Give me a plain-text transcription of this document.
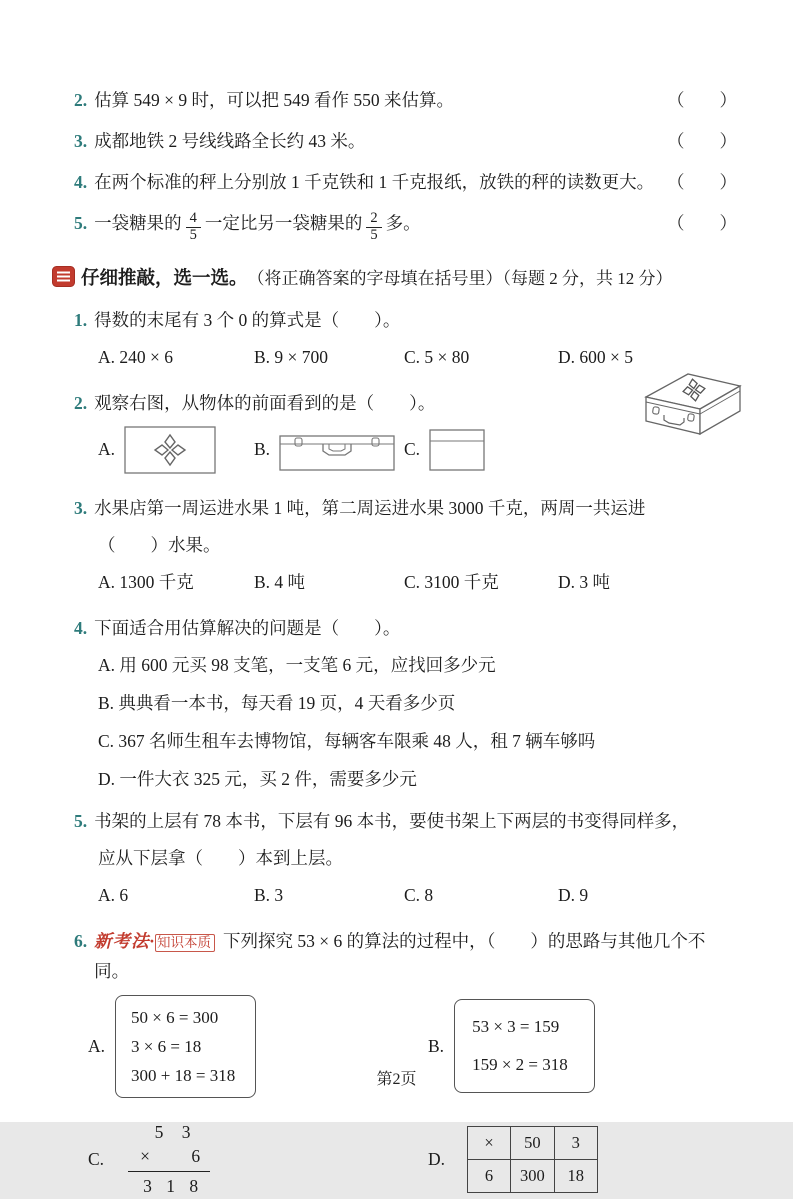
2. 估算 549 × 9 时，可以把 549 看作 550 来估算。	（　　）
3. 成都地铁 2 号线线路全长约 43 米。	（　　）
4. 在两个标准的秤上分别放 1 千克铁和 1 千克报纸，放铁的秤的读数更大。 （　　）
5. 一袋糖果的 $\frac{4}{5}$ 一定比另一袋糖果的 $\frac{2}{5}$ 多。	（　　）
仔细推敲，选一选。 （将正确答案的字母填在括号里）（每题 2 分，共 12 分）
1. 得数的末尾有 3 个 0 的算式是（　　）。
A. 240 × 6	B. 9 × 700	C. 5 × 80	D. 600 × 5
2. 观察右图，从物体的前面看到的是（　　）。
A.	B.	C.
3. 水果店第一周运进水果 1 吨，第二周运进水果 3000 千克，两周一共运进
（　　）水果。
A. 1300 千克	B. 4 吨	C. 3100 千克	D. 3 吨
4. 下面适合用估算解决的问题是（　　）。
A. 用 600 元买 98 支笔，一支笔 6 元，应找回多少元
B. 典典看一本书，每天看 19 页，4 天看多少页
C. 367 名师生租车去博物馆，每辆客车限乘 48 人，租 7 辆车够吗
D. 一件大衣 325 元，买 2 件，需要多少元
5. 书架的上层有 78 本书，下层有 96 本书，要使书架上下两层的书变得同样多，
应从下层拿（　　）本到上层。
A. 6	B. 3	C. 8	D. 9
6. 新考法· 知识本质 下列探究 53 × 6 的算法的过程中，（　　）的思路与其他几个不同。
A.
50 × 6 = 300
3 × 6 = 18
300 + 18 = 318
B.
53 × 3 = 159
159 × 2 = 318
C.
5 3
× 6
3 1 8
D.
×	50	3
6	300	18
第2页
